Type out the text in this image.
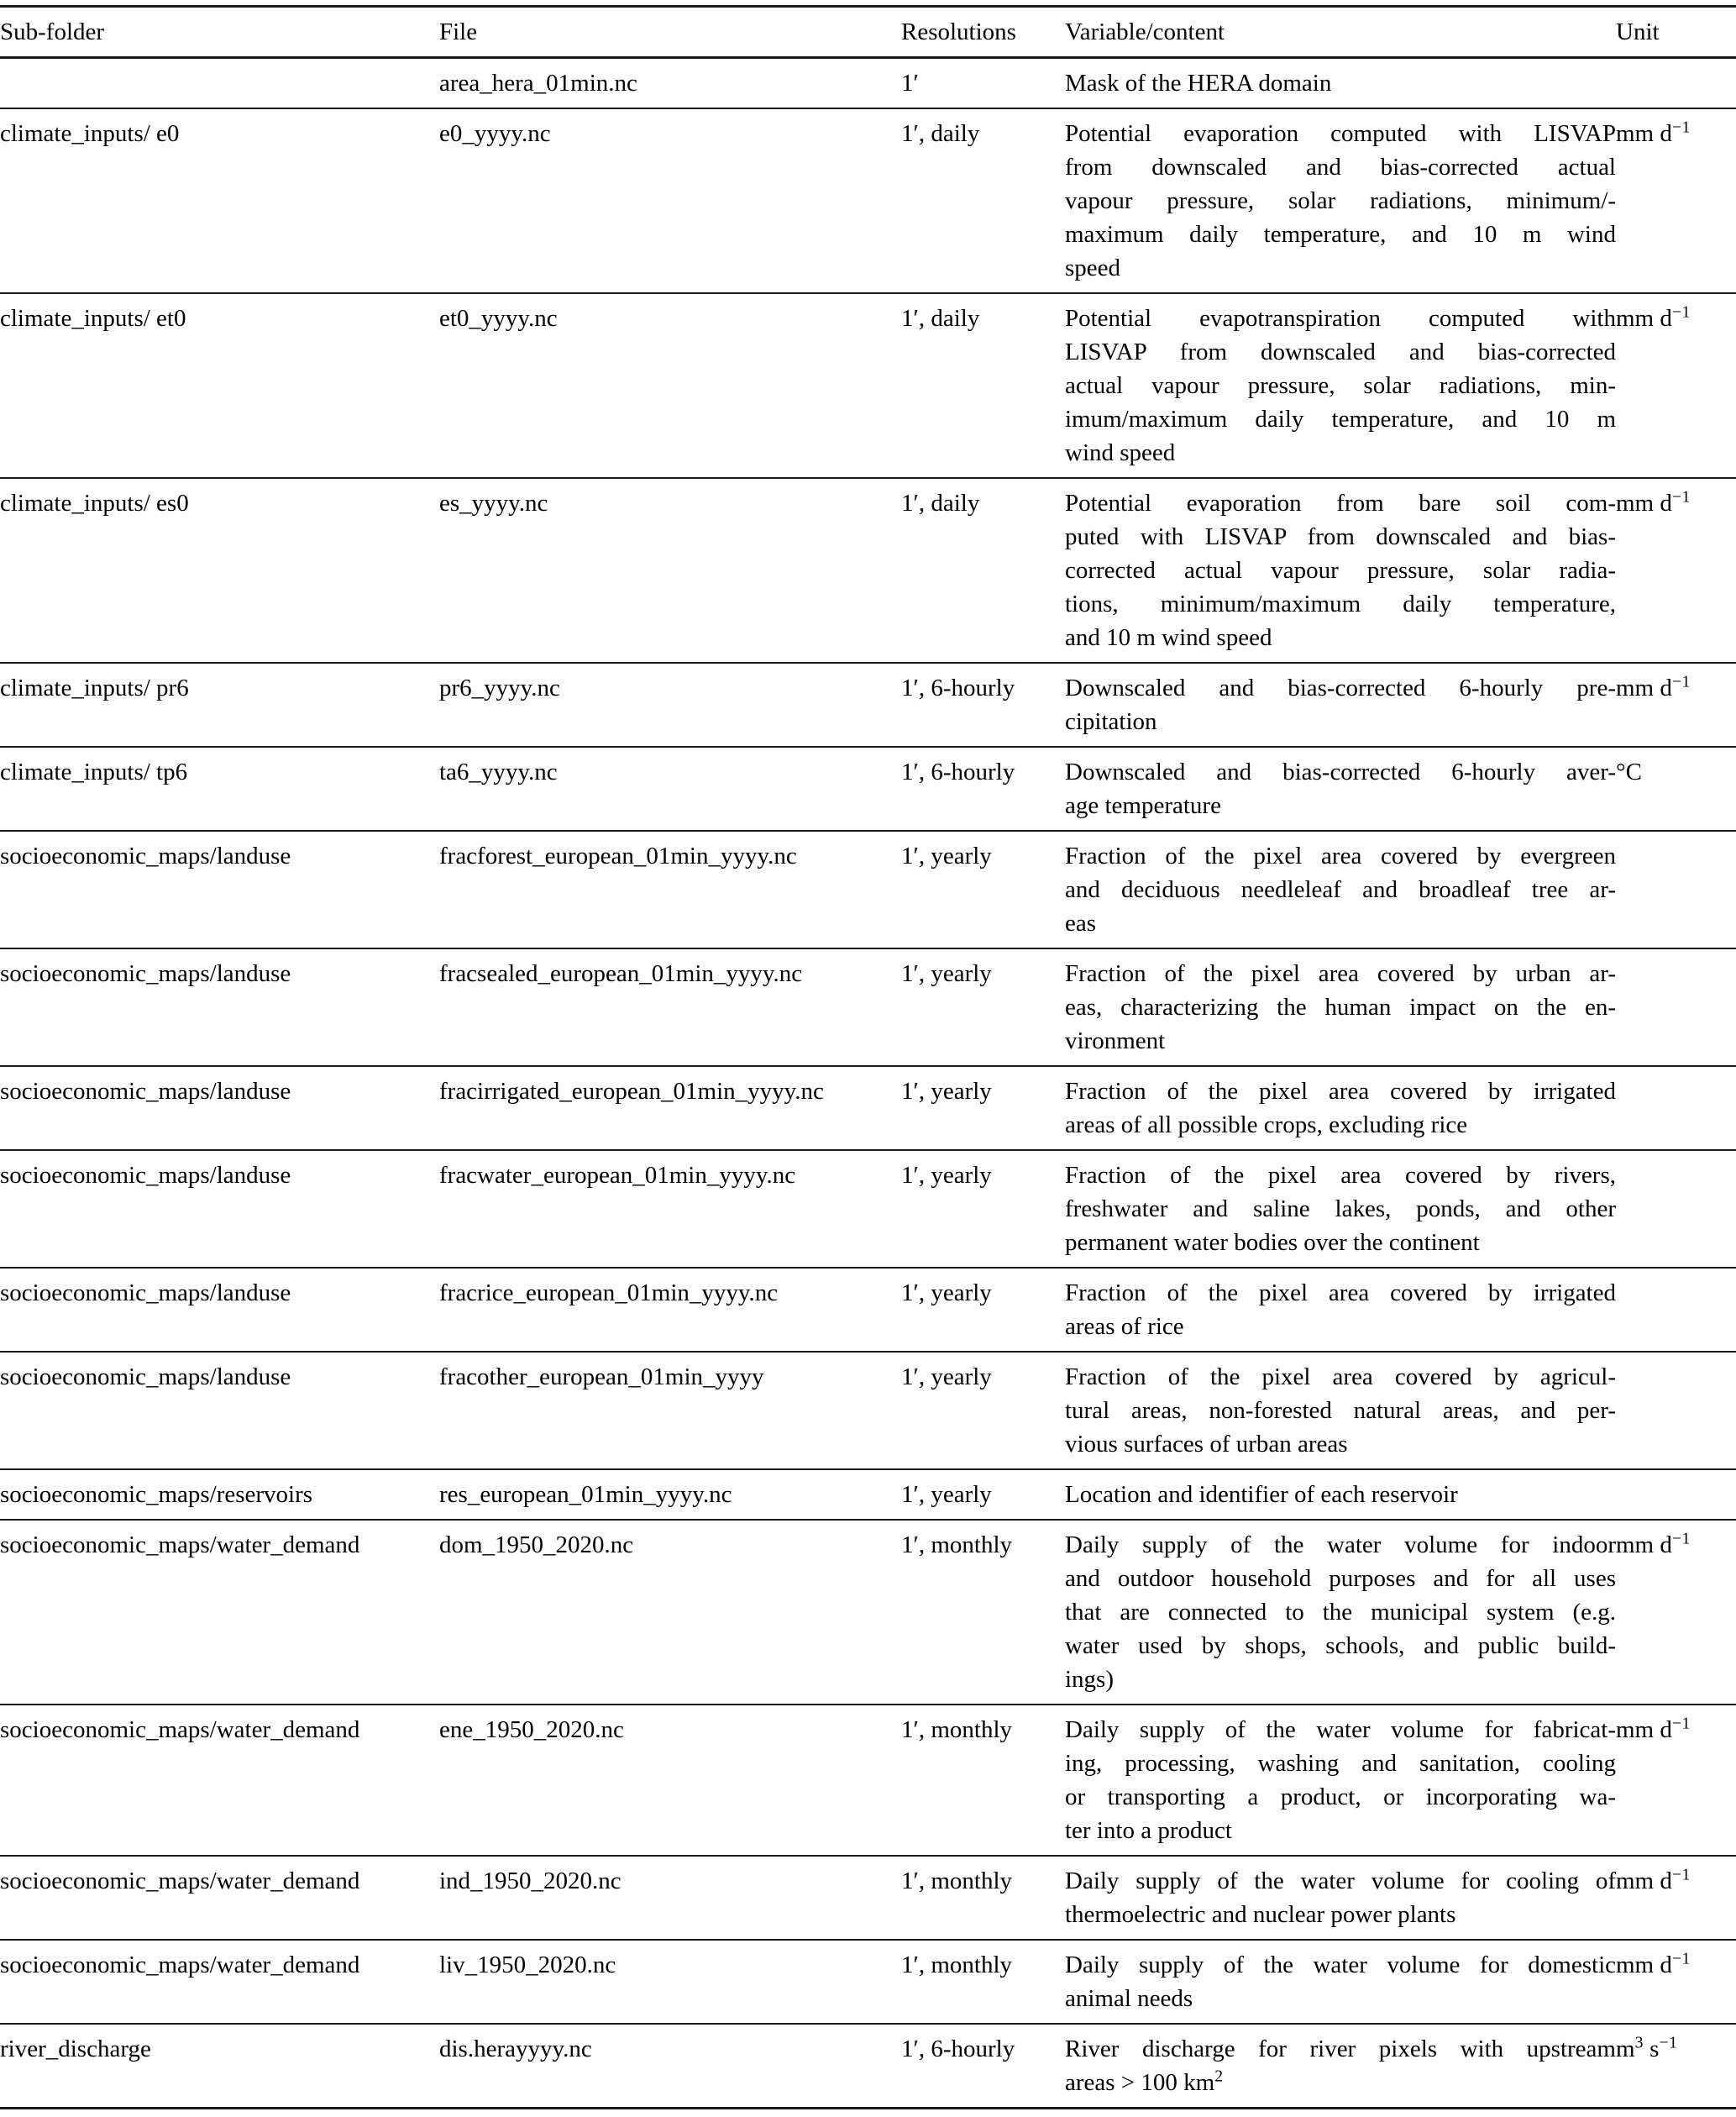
Sub-folder	File	Resolutions	Variable/content	Unit
	area_hera_01min.nc	1′	Mask of the HERA domain	

climate_inputs/ e0	e0_yyyy.nc	1′, daily	Potential evaporation computed with LISVAP
from downscaled and bias-corrected actual
vapour pressure, solar radiations, minimum/-
maximum daily temperature, and 10 m wind
speed	mm $d^{-1}$
climate_inputs/ et0	et0_yyyy.nc	1′, daily	Potential evapotranspiration computed with
LISVAP from downscaled and bias-corrected
actual vapour pressure, solar radiations, min-
imum/maximum daily temperature, and 10 m
wind speed	mm $d^{-1}$
climate_inputs/ es0	es_yyyy.nc	1′, daily	Potential evaporation from bare soil com-
puted with LISVAP from downscaled and bias-
corrected actual vapour pressure, solar radia-
tions, minimum/maximum daily temperature,
and 10 m wind speed	mm $d^{-1}$
climate_inputs/ pr6	pr6_yyyy.nc	1′, 6-hourly	Downscaled and bias-corrected 6-hourly pre-
cipitation	mm $d^{-1}$
climate_inputs/ tp6	ta6_yyyy.nc	1′, 6-hourly	Downscaled and bias-corrected 6-hourly aver-
age temperature	°C
socioeconomic_maps/landuse	fracforest_european_01min_yyyy.nc	1′, yearly	Fraction of the pixel area covered by evergreen
and deciduous needleleaf and broadleaf tree ar-
eas	

socioeconomic_maps/landuse	fracsealed_european_01min_yyyy.nc	1′, yearly	Fraction of the pixel area covered by urban ar-
eas, characterizing the human impact on the en-
vironment	

socioeconomic_maps/landuse	fracirrigated_european_01min_yyyy.nc	1′, yearly	Fraction of the pixel area covered by irrigated
areas of all possible crops, excluding rice	

socioeconomic_maps/landuse	fracwater_european_01min_yyyy.nc	1′, yearly	Fraction of the pixel area covered by rivers,
freshwater and saline lakes, ponds, and other
permanent water bodies over the continent	

socioeconomic_maps/landuse	fracrice_european_01min_yyyy.nc	1′, yearly	Fraction of the pixel area covered by irrigated
areas of rice	

socioeconomic_maps/landuse	fracother_european_01min_yyyy	1′, yearly	Fraction of the pixel area covered by agricul-
tural areas, non-forested natural areas, and per-
vious surfaces of urban areas	

socioeconomic_maps/reservoirs	res_european_01min_yyyy.nc	1′, yearly	Location and identifier of each reservoir	

socioeconomic_maps/water_demand	dom_1950_2020.nc	1′, monthly	Daily supply of the water volume for indoor
and outdoor household purposes and for all uses
that are connected to the municipal system (e.g.
water used by shops, schools, and public build-
ings)	mm $d^{-1}$
socioeconomic_maps/water_demand	ene_1950_2020.nc	1′, monthly	Daily supply of the water volume for fabricat-
ing, processing, washing and sanitation, cooling
or transporting a product, or incorporating wa-
ter into a product	mm $d^{-1}$
socioeconomic_maps/water_demand	ind_1950_2020.nc	1′, monthly	Daily supply of the water volume for cooling of
thermoelectric and nuclear power plants	mm $d^{-1}$
socioeconomic_maps/water_demand	liv_1950_2020.nc	1′, monthly	Daily supply of the water volume for domestic
animal needs	mm $d^{-1}$
river_discharge	dis.herayyyy.nc	1′, 6-hourly	River discharge for river pixels with upstream
areas > 100 $km^2$	$m^3$ $s^{-1}$
